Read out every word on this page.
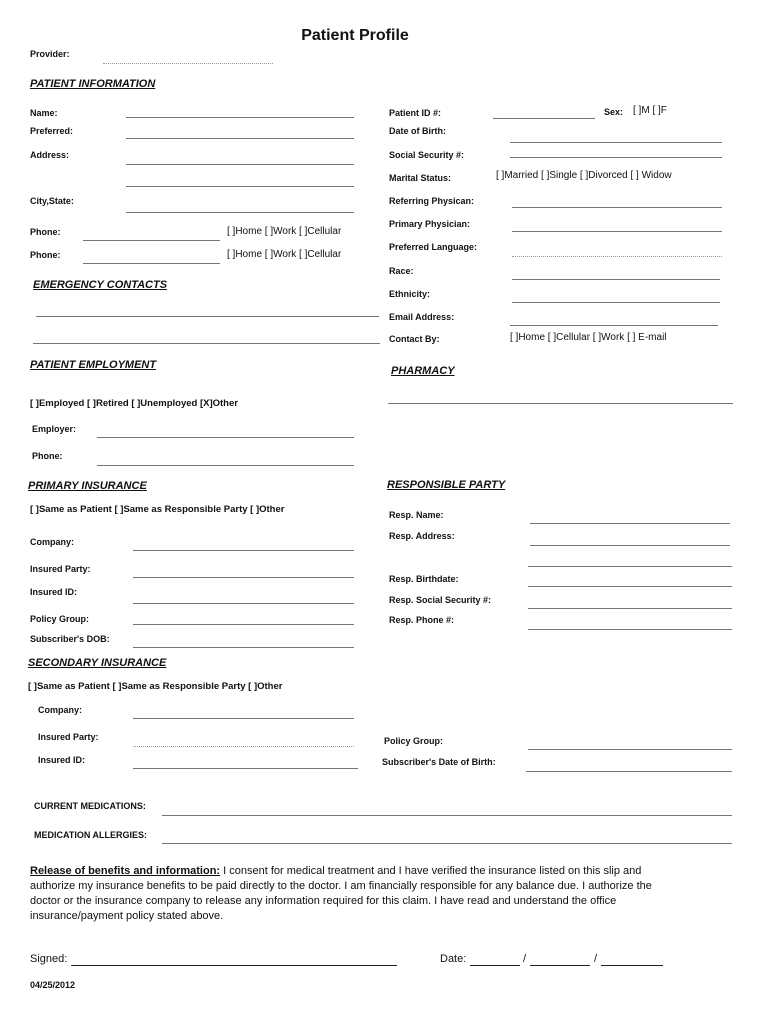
Patient Profile
Provider:
PATIENT INFORMATION
Name:
Preferred:
Address:
City,State:
Phone:	[ ]Home [ ]Work [ ]Cellular
Phone:	[ ]Home [ ]Work [ ]Cellular
Patient ID #:	Sex: [ ]M [ ]F
Date of Birth:
Social Security #:
Marital Status:	[ ]Married [ ]Single [ ]Divorced [ ] Widow
Referring Physican:
Primary Physician:
Preferred Language:
Race:
Ethnicity:
Email Address:
Contact By:	[ ]Home [ ]Cellular [ ]Work [ ] E-mail
EMERGENCY CONTACTS
PATIENT EMPLOYMENT
[ ]Employed [ ]Retired [ ]Unemployed [X]Other
Employer:
Phone:
PHARMACY
PRIMARY INSURANCE
[ ]Same as Patient [ ]Same as Responsible Party [ ]Other
Company:
Insured Party:
Insured ID:
Policy Group:
Subscriber's DOB:
RESPONSIBLE PARTY
Resp. Name:
Resp. Address:
Resp. Birthdate:
Resp. Social Security #:
Resp. Phone #:
SECONDARY INSURANCE
[ ]Same as Patient [ ]Same as Responsible Party [ ]Other
Company:
Insured Party:
Insured ID:
Policy Group:
Subscriber's Date of Birth:
CURRENT MEDICATIONS:
MEDICATION ALLERGIES:
Release of benefits and information: I consent for medical treatment and I have verified the insurance listed on this slip and authorize my insurance benefits to be paid directly to the doctor. I am financially responsible for any balance due. I authorize the doctor or the insurance company to release any information required for this claim. I have read and understand the office insurance/payment policy stated above.
Signed:	Date:	/	/
04/25/2012
